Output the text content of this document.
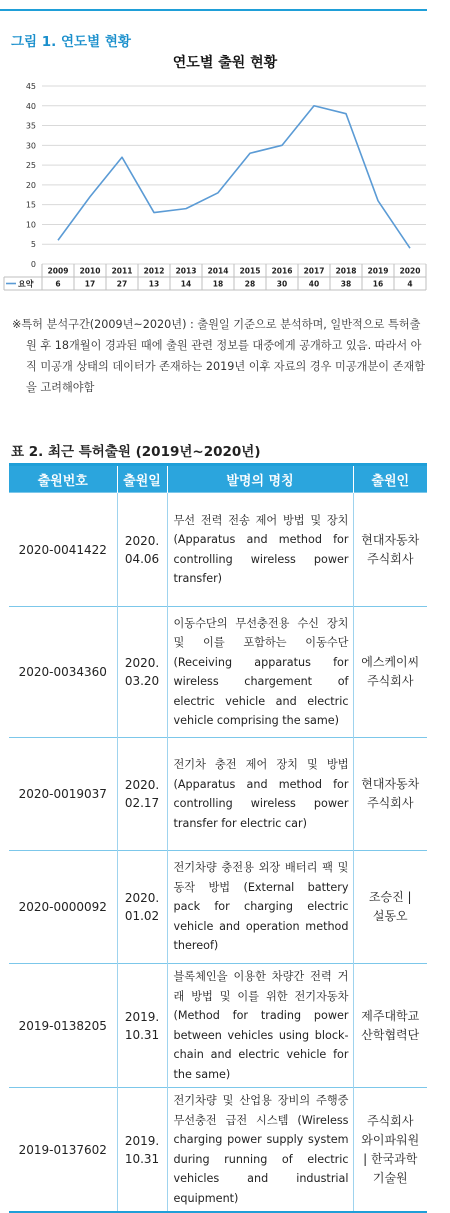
그림 1. 연도별 현황
연도별 출원 현황
0
5
10
15
20
25
30
35
40
45
2009 2010 2011 2012 2013 2014 2015 2016 2017 2018 2019 2020
요약	6	17	27	13	14	18	28	30	40	38	16	4

※특허 분석구간(2009년~2020년) : 출원일 기준으로 분석하며, 일반적으로 특허출원 후 18개월이 경과된 때에 출원 관련 정보를 대중에게 공개하고 있음. 따라서 아직 미공개 상태의 데이터가 존재하는 2019년 이후 자료의 경우 미공개분이 존재함을 고려해야함

표 2. 최근 특허출원 (2019년~2020년)
출원번호	출원일	발명의 명칭	출원인
2020-0041422	2020.
04.06	무선 전력 전송 제어 방법 및 장치 (Apparatus and method for controlling wireless power transfer)	현대자동차
주식회사
2020-0034360	2020.
03.20	이동수단의 무선충전용 수신 장치 및 이를 포함하는 이동수단 (Receiving apparatus for wireless chargement of electric vehicle and electric vehicle comprising the same)	에스케이씨
주식회사
2020-0019037	2020.
02.17	전기차 충전 제어 장치 및 방법 (Apparatus and method for controlling wireless power transfer for electric car)	현대자동차
주식회사
2020-0000092	2020.
01.02	전기차량 충전용 외장 배터리 팩 및 동작 방법 (External battery pack for charging electric vehicle and operation method thereof)	조승진 |
설동오
2019-0138205	2019.
10.31	블록체인을 이용한 차량간 전력 거래 방법 및 이를 위한 전기자동차 (Method for trading power between vehicles using block-chain and electric vehicle for the same)	제주대학교
산학협력단
2019-0137602	2019.
10.31	전기차량 및 산업용 장비의 주행중 무선충전 급전 시스템 (Wireless charging power supply system during running of electric vehicles and industrial equipment)	주식회사
와이파워원
| 한국과학
기술원
